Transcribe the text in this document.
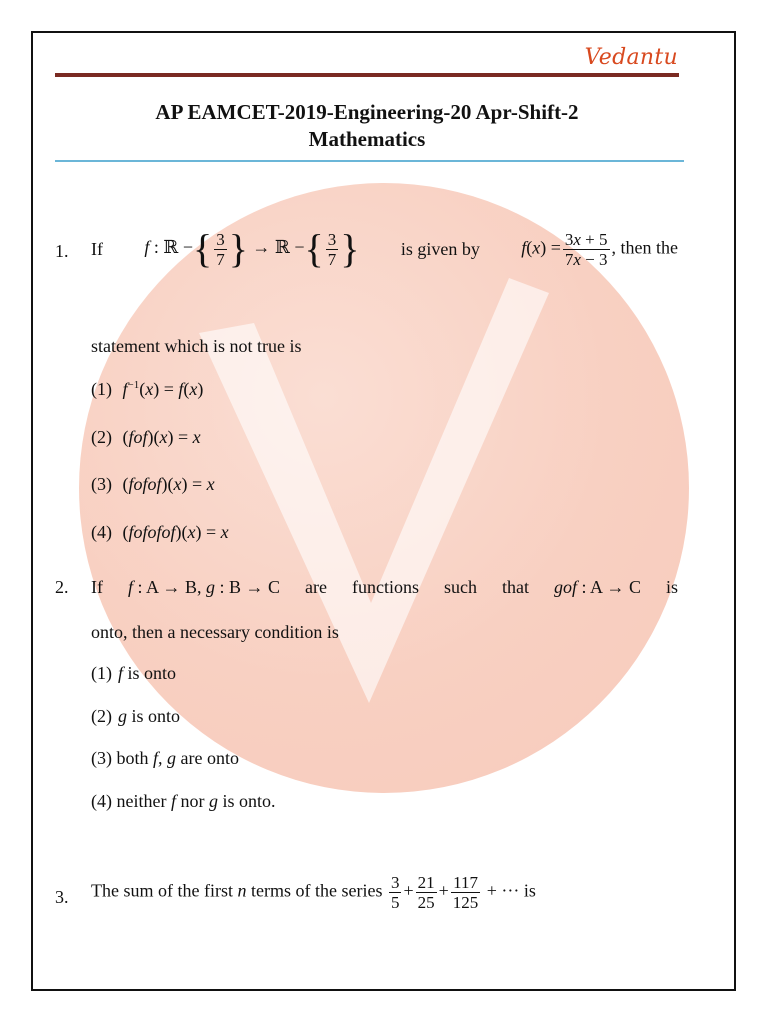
Vedantu
AP EAMCET-2019-Engineering-20 Apr-Shift-2
Mathematics
1. If f : ℝ −{ $\frac{3}{7}$ } → ℝ −{ $\frac{3}{7}$ } is given by $f(x) = \frac{3x + 5}{7x - 3}$ , then the
statement which is not true is
(1) $f^{-1}(x) = f(x)$
(2) (fof)(x) = x
(3) (fofof)(x) = x
(4) (fofofof)(x) = x
2. If f : A → B, g : B → C are functions such that gof : A → C is
onto, then a necessary condition is
(1) f is onto
(2) g is onto
(3) both f, g are onto
(4) neither f nor g is onto.
3. The sum of the first n terms of the series $\frac{3}{5} + \frac{21}{25} + \frac{117}{125}$ + ··· is
